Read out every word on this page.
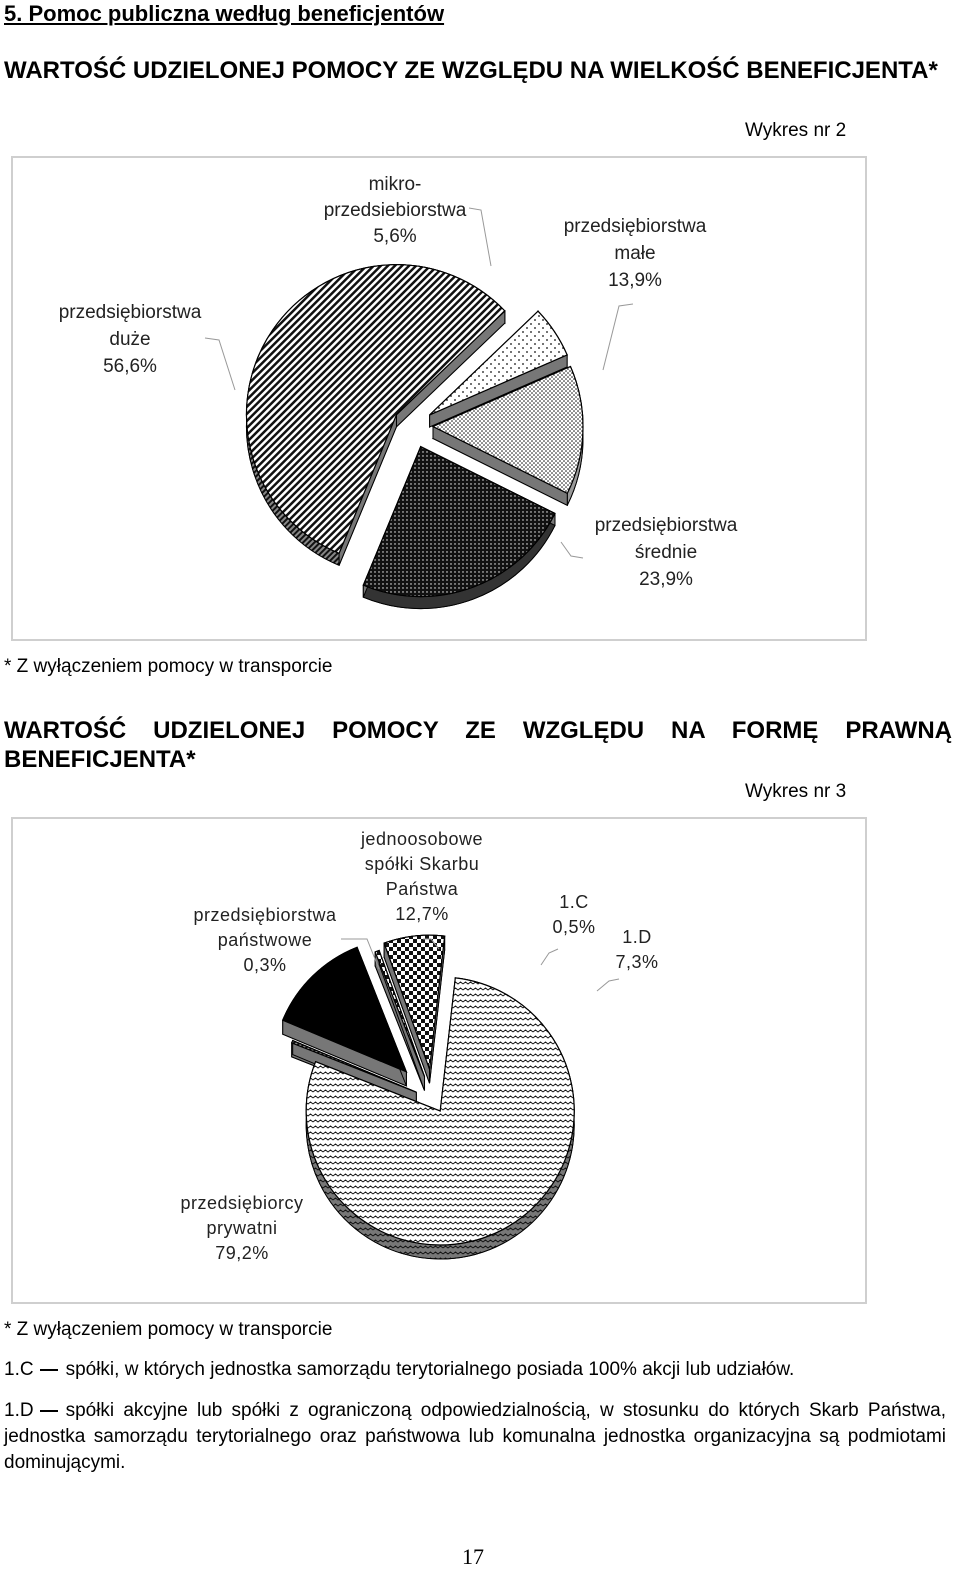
5. Pomoc publiczna według beneficjentów
WARTOŚĆ UDZIELONEJ POMOCY ZE WZGLĘDU NA WIELKOŚĆ BENEFICJENTA*
Wykres nr 2
przedsiębiorstwa
duże
56,6%
mikro-
przedsiebiorstwa
5,6%	przedsiębiorstwa
małe
13,9%
przedsiębiorstwa
średnie
23,9%
* Z wyłączeniem pomocy w transporcie
WARTOŚĆ UDZIELONEJ POMOCY ZE WZGLĘDU NA FORMĘ PRAWNĄ BENEFICJENTA*
Wykres nr 3
przedsiębiorstwa
państwowe
0,3%
jednoosobowe
spółki Skarbu
Państwa
12,7%
1.C
0,5% 1.D
7,3%
przedsiębiorcy
prywatni
79,2%
* Z wyłączeniem pomocy w transporcie

1.C spółki, w których jednostka samorządu terytorialnego posiada 100% akcji lub udziałów.

1.D spółki akcyjne lub spółki z ograniczoną odpowiedzialnością, w stosunku do których Skarb Państwa, jednostka samorządu terytorialnego oraz państwowa lub komunalna jednostka organizacyjna są podmiotami dominującymi.

17
